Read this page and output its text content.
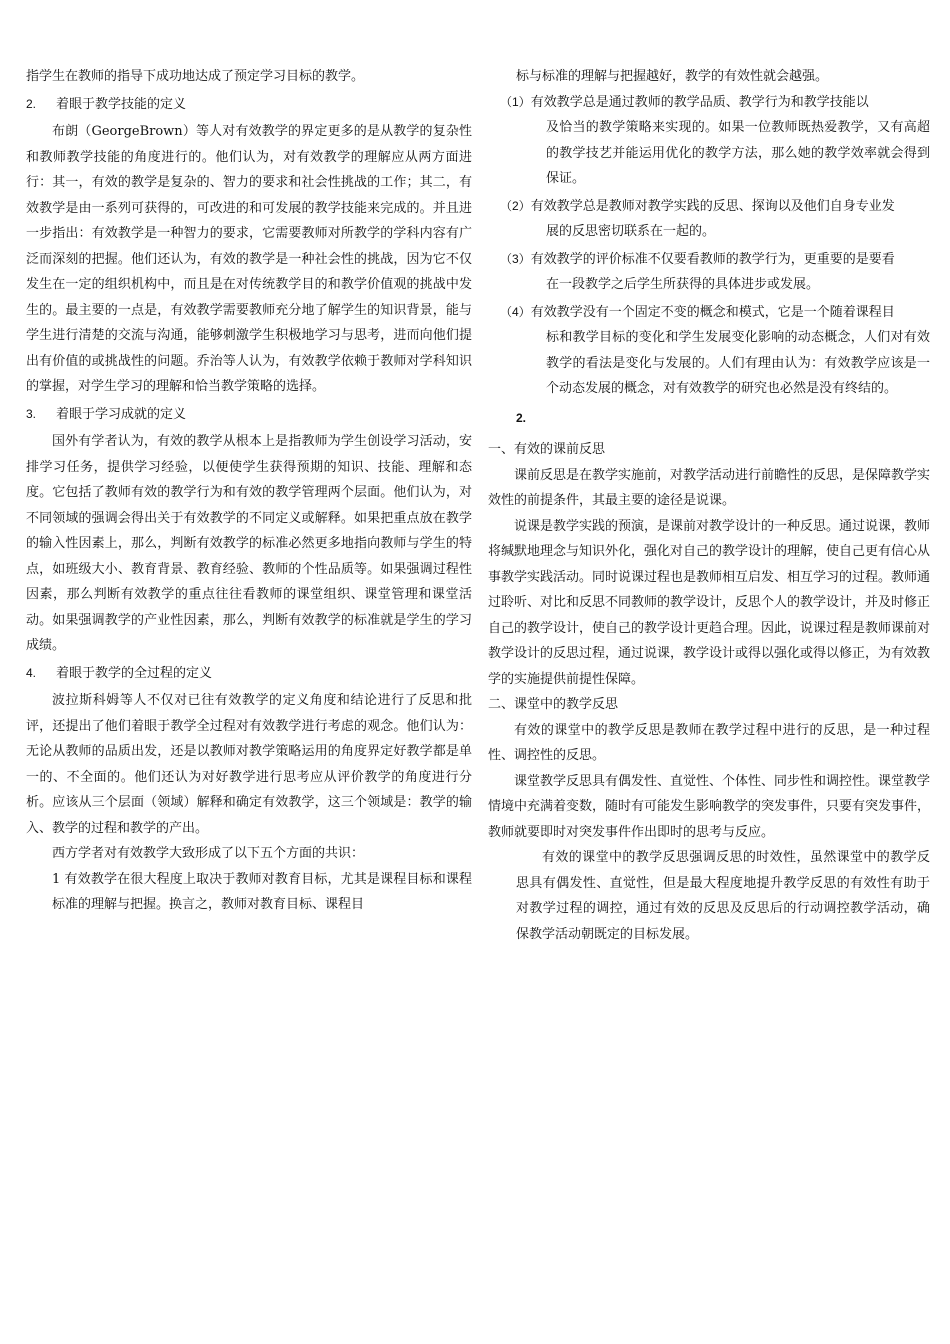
指学生在教师的指导下成功地达成了预定学习目标的教学。

2. 着眼于教学技能的定义

布朗（GeorgeBrown）等人对有效教学的界定更多的是从教学的复杂性和教师教学技能的角度进行的。他们认为，对有效教学的理解应从两方面进行：其一，有效的教学是复杂的、智力的要求和社会性挑战的工作；其二，有效教学是由一系列可获得的，可改进的和可发展的教学技能来完成的。并且进一步指出：有效教学是一种智力的要求，它需要教师对所教学的学科内容有广泛而深刻的把握。他们还认为，有效的教学是一种社会性的挑战，因为它不仅发生在一定的组织机构中，而且是在对传统教学目的和教学价值观的挑战中发生的。最主要的一点是，有效教学需要教师充分地了解学生的知识背景，能与学生进行清楚的交流与沟通，能够刺激学生积极地学习与思考，进而向他们提出有价值的或挑战性的问题。乔治等人认为，有效教学依赖于教师对学科知识的掌握，对学生学习的理解和恰当教学策略的选择。

3. 着眼于学习成就的定义

国外有学者认为，有效的教学从根本上是指教师为学生创设学习活动，安排学习任务，提供学习经验，以便使学生获得预期的知识、技能、理解和态度。它包括了教师有效的教学行为和有效的教学管理两个层面。他们认为，对不同领域的强调会得出关于有效教学的不同定义或解释。如果把重点放在教学的输入性因素上，那么，判断有效教学的标准必然更多地指向教师与学生的特点，如班级大小、教育背景、教育经验、教师的个性品质等。如果强调过程性因素，那么判断有效教学的重点往往看教师的课堂组织、课堂管理和课堂活动。如果强调教学的产业性因素，那么，判断有效教学的标准就是学生的学习成绩。

4. 着眼于教学的全过程的定义

波拉斯科姆等人不仅对已往有效教学的定义角度和结论进行了反思和批评，还提出了他们着眼于教学全过程对有效教学进行考虑的观念。他们认为：无论从教师的品质出发，还是以教师对教学策略运用的角度界定好教学都是单一的、不全面的。他们还认为对好教学进行思考应从评价教学的角度进行分析。应该从三个层面（领域）解释和确定有效教学，这三个领域是：教学的输入、教学的过程和教学的产出。

西方学者对有效教学大致形成了以下五个方面的共识：

1 有效教学在很大程度上取决于教师对教育目标，尤其是课程目标和课程标准的理解与把握。换言之，教师对教育目标、课程目

标与标准的理解与把握越好，教学的有效性就会越强。

（1）有效教学总是通过教师的教学品质、教学行为和教学技能以

及恰当的教学策略来实现的。如果一位教师既热爱教学，又有高超的教学技艺并能运用优化的教学方法，那么她的教学效率就会得到保证。

（2）有效教学总是教师对教学实践的反思、探询以及他们自身专业发

展的反思密切联系在一起的。

（3）有效教学的评价标准不仅要看教师的教学行为，更重要的是要看

在一段教学之后学生所获得的具体进步或发展。

（4）有效教学没有一个固定不变的概念和模式，它是一个随着课程目

标和教学目标的变化和学生发展变化影响的动态概念，人们对有效教学的看法是变化与发展的。人们有理由认为：有效教学应该是一个动态发展的概念，对有效教学的研究也必然是没有终结的。

2.

一、有效的课前反思

课前反思是在教学实施前，对教学活动进行前瞻性的反思，是保障教学实效性的前提条件，其最主要的途径是说课。

说课是教学实践的预演，是课前对教学设计的一种反思。通过说课，教师将缄默地理念与知识外化，强化对自己的教学设计的理解，使自己更有信心从事教学实践活动。同时说课过程也是教师相互启发、相互学习的过程。教师通过聆听、对比和反思不同教师的教学设计，反思个人的教学设计，并及时修正自己的教学设计，使自己的教学设计更趋合理。因此，说课过程是教师课前对教学设计的反思过程，通过说课，教学设计或得以强化或得以修正，为有效教学的实施提供前提性保障。

二、课堂中的教学反思

有效的课堂中的教学反思是教师在教学过程中进行的反思，是一种过程性、调控性的反思。

课堂教学反思具有偶发性、直觉性、个体性、同步性和调控性。课堂教学情境中充满着变数，随时有可能发生影响教学的突发事件，只要有突发事件，教师就要即时对突发事件作出即时的思考与反应。

有效的课堂中的教学反思强调反思的时效性，虽然课堂中的教学反思具有偶发性、直觉性，但是最大程度地提升教学反思的有效性有助于对教学过程的调控，通过有效的反思及反思后的行动调控教学活动，确保教学活动朝既定的目标发展。
